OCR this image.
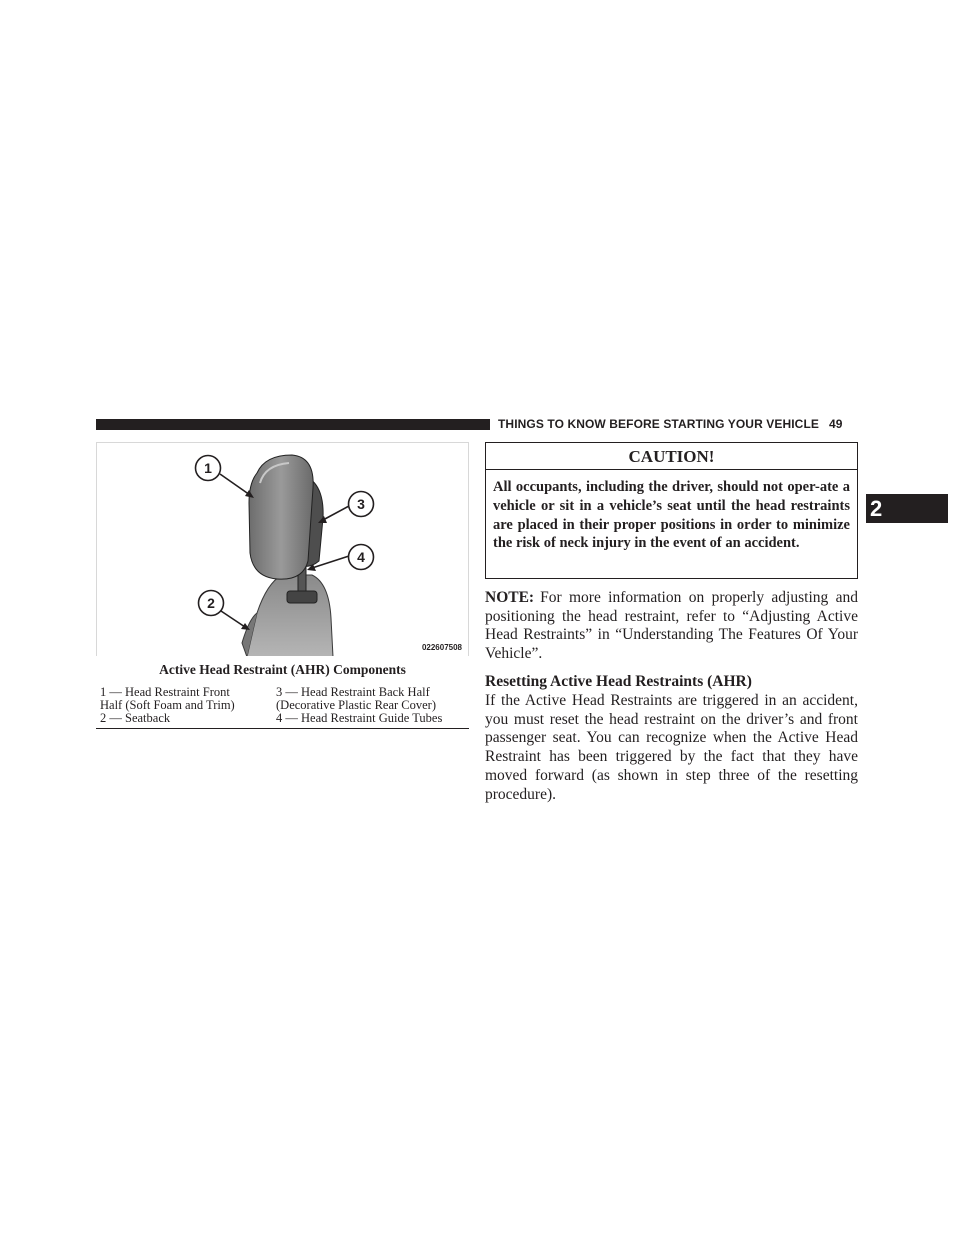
THINGS TO KNOW BEFORE STARTING YOUR VEHICLE 49
2
1
3
4
2
022607508
Active Head Restraint (AHR) Components
1 — Head Restraint Front
Half (Soft Foam and Trim)
2 — Seatback
3 — Head Restraint Back Half
(Decorative Plastic Rear Cover)
4 — Head Restraint Guide Tubes
CAUTION!
All occupants, including the driver, should not oper-ate a vehicle or sit in a vehicle’s seat until the head restraints are placed in their proper positions in order to minimize the risk of neck injury in the event of an accident.
NOTE: For more information on properly adjusting and positioning the head restraint, refer to “Adjusting Active Head Restraints” in “Understanding The Features Of Your Vehicle”.
Resetting Active Head Restraints (AHR)
If the Active Head Restraints are triggered in an accident, you must reset the head restraint on the driver’s and front passenger seat. You can recognize when the Active Head Restraint has been triggered by the fact that they have moved forward (as shown in step three of the resetting procedure).
